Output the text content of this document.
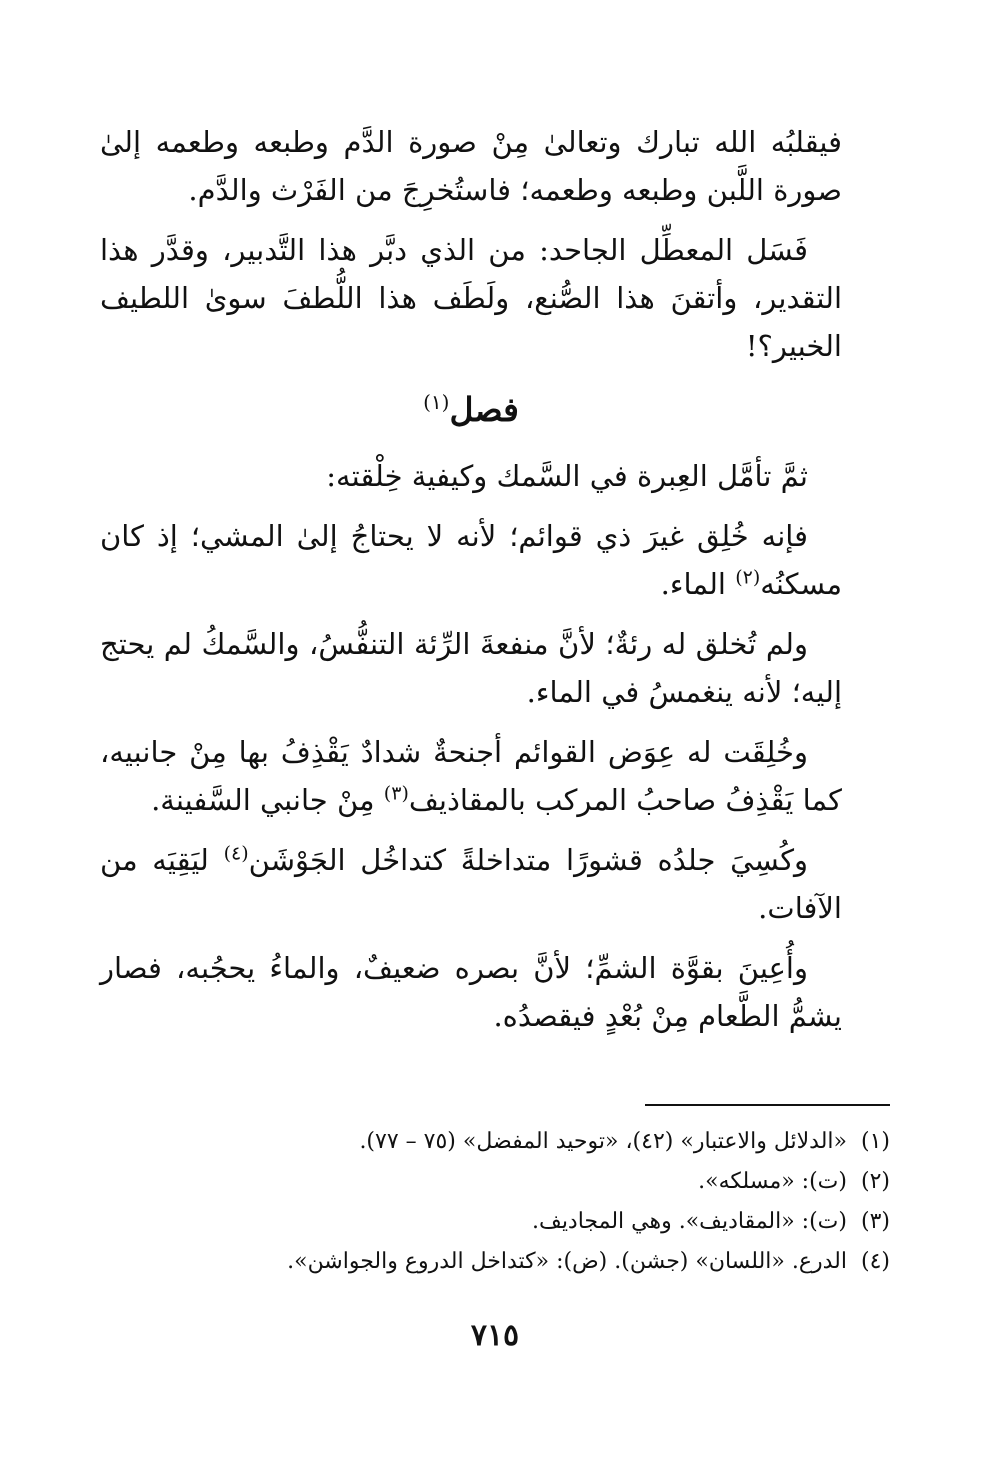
فيقلبُه الله تبارك وتعالىٰ مِنْ صورة الدَّم وطبعه وطعمه إلىٰ صورة اللَّبن وطبعه وطعمه؛ فاستُخرِجَ من الفَرْث والدَّم.

فَسَل المعطِّل الجاحد: من الذي دبَّر هذا التَّدبير، وقدَّر هذا التقدير، وأتقنَ هذا الصُّنع، ولَطَف هذا اللُّطفَ سوىٰ اللطيف الخبير؟!

فصل$^{(١)}$

ثمَّ تأمَّل العِبرة في السَّمك وكيفية خِلْقته:

فإنه خُلِق غيرَ ذي قوائم؛ لأنه لا يحتاجُ إلىٰ المشي؛ إذ كان مسكنُه$^{(٢)}$ الماء.

ولم تُخلق له رئةٌ؛ لأنَّ منفعةَ الرِّئة التنفُّسُ، والسَّمكُ لم يحتج إليه؛ لأنه ينغمسُ في الماء.

وخُلِقَت له عِوَض القوائم أجنحةٌ شدادٌ يَقْذِفُ بها مِنْ جانبيه، كما يَقْذِفُ صاحبُ المركب بالمقاذيف$^{(٣)}$ مِنْ جانبي السَّفينة.

وكُسِيَ جلدُه قشورًا متداخلةً كتداخُل الجَوْشَن$^{(٤)}$ ليَقِيَه من الآفات.

وأُعِينَ بقوَّة الشمِّ؛ لأنَّ بصره ضعيفٌ، والماءُ يحجُبه، فصار يشمُّ الطَّعام مِنْ بُعْدٍ فيقصدُه.

(١)«الدلائل والاعتبار» (٤٢)، «توحيد المفضل» (٧٥ – ٧٧).

(٢)(ت): «مسلكه».

(٣)(ت): «المقاديف». وهي المجاديف.

(٤)الدرع. «اللسان» (جشن). (ض): «كتداخل الدروع والجواشن».

٧١٥
